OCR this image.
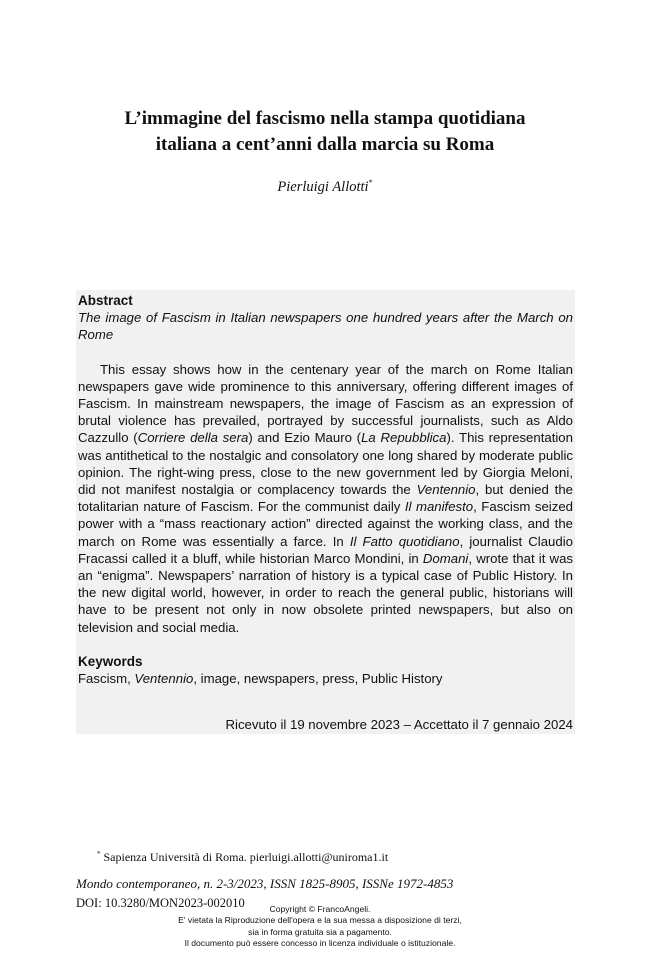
L’immagine del fascismo nella stampa quotidiana
italiana a cent’anni dalla marcia su Roma
Pierluigi Allotti*

Abstract

The image of Fascism in Italian newspapers one hundred years after the March on Rome

This essay shows how in the centenary year of the march on Rome Italian newspapers gave wide prominence to this anniversary, offering different images of Fascism. In mainstream newspapers, the image of Fascism as an expression of brutal violence has prevailed, portrayed by successful journalists, such as Aldo Cazzullo (Corriere della sera) and Ezio Mauro (La Repubblica). This representation was antithetical to the nostalgic and consolatory one long shared by moderate public opinion. The right-wing press, close to the new government led by Giorgia Meloni, did not manifest nostalgia or complacency towards the Ventennio, but denied the totalitarian nature of Fascism. For the communist daily Il manifesto, Fascism seized power with a “mass reactionary action” directed against the working class, and the march on Rome was essentially a farce. In Il Fatto quotidiano, journalist Claudio Fracassi called it a bluff, while historian Marco Mondini, in Domani, wrote that it was an “enigma”. Newspapers’ narration of history is a typical case of Public History. In the new digital world, however, in order to reach the general public, historians will have to be present not only in now obsolete printed newspapers, but also on television and social media.

Keywords

Fascism, Ventennio, image, newspapers, press, Public History

Ricevuto il 19 novembre 2023 – Accettato il 7 gennaio 2024
* Sapienza Università di Roma. pierluigi.allotti@uniroma1.it
Mondo contemporaneo, n. 2-3/2023, ISSN 1825-8905, ISSNe 1972-4853
DOI: 10.3280/MON2023-002010	Copyright © FrancoAngeli.
E' vietata la Riproduzione dell'opera e la sua messa a disposizione di terzi,
sia in forma gratuita sia a pagamento.
Il documento può essere concesso in licenza individuale o istituzionale.
